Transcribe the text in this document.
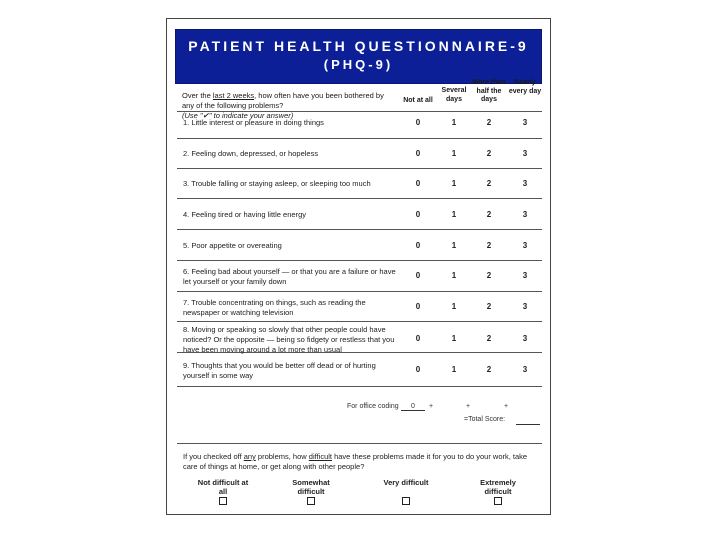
PATIENT HEALTH QUESTIONNAIRE-9
(PHQ-9)
Over the last 2 weeks, how often have you been bothered by any of the following problems?
(Use "✔" to indicate your answer)
Not at all
Several days
More than half the days
Nearly every day
1. Little interest or pleasure in doing things	0	1	2	3
2. Feeling down, depressed, or hopeless	0	1	2	3
3. Trouble falling or staying asleep, or sleeping too much	0	1	2	3
4. Feeling tired or having little energy	0	1	2	3
5. Poor appetite or overeating	0	1	2	3
6. Feeling bad about yourself — or that you are a failure or have let yourself or your family down
0	1	2	3
7. Trouble concentrating on things, such as reading the newspaper or watching television
0	1	2	3
8. Moving or speaking so slowly that other people could have noticed? Or the opposite — being so fidgety or restless that you have been moving around a lot more than usual
0	1	2	3
9. Thoughts that you would be better off dead or of hurting yourself in some way
0	1	2	3
For office coding	0	+	+	+
=Total Score:
If you checked off any problems, how difficult have these problems made it for you to do your work, take care of things at home, or get along with other people?
Not difficult at all
Somewhat difficult
Very difficult	Extremely difficult
